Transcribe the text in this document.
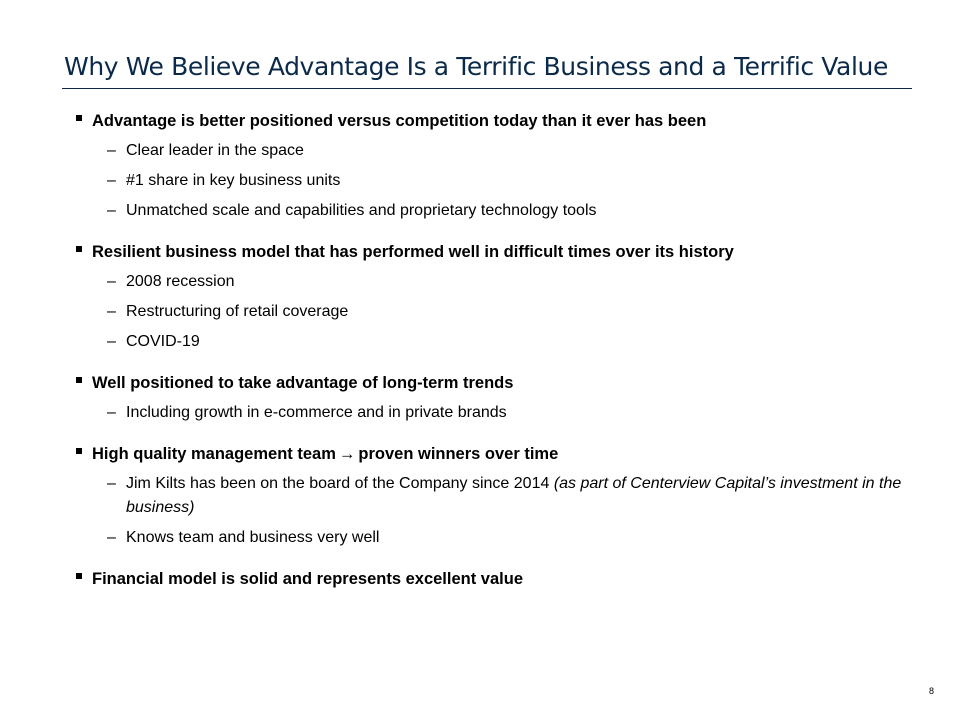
Why We Believe Advantage Is a Terrific Business and a Terrific Value
Advantage is better positioned versus competition today than it ever has been
– Clear leader in the space
– #1 share in key business units
– Unmatched scale and capabilities and proprietary technology tools
Resilient business model that has performed well in difficult times over its history
– 2008 recession
– Restructuring of retail coverage
– COVID-19
Well positioned to take advantage of long-term trends
– Including growth in e-commerce and in private brands
High quality management team → proven winners over time
– Jim Kilts has been on the board of the Company since 2014 (as part of Centerview Capital’s investment in the business)
– Knows team and business very well
Financial model is solid and represents excellent value
8
